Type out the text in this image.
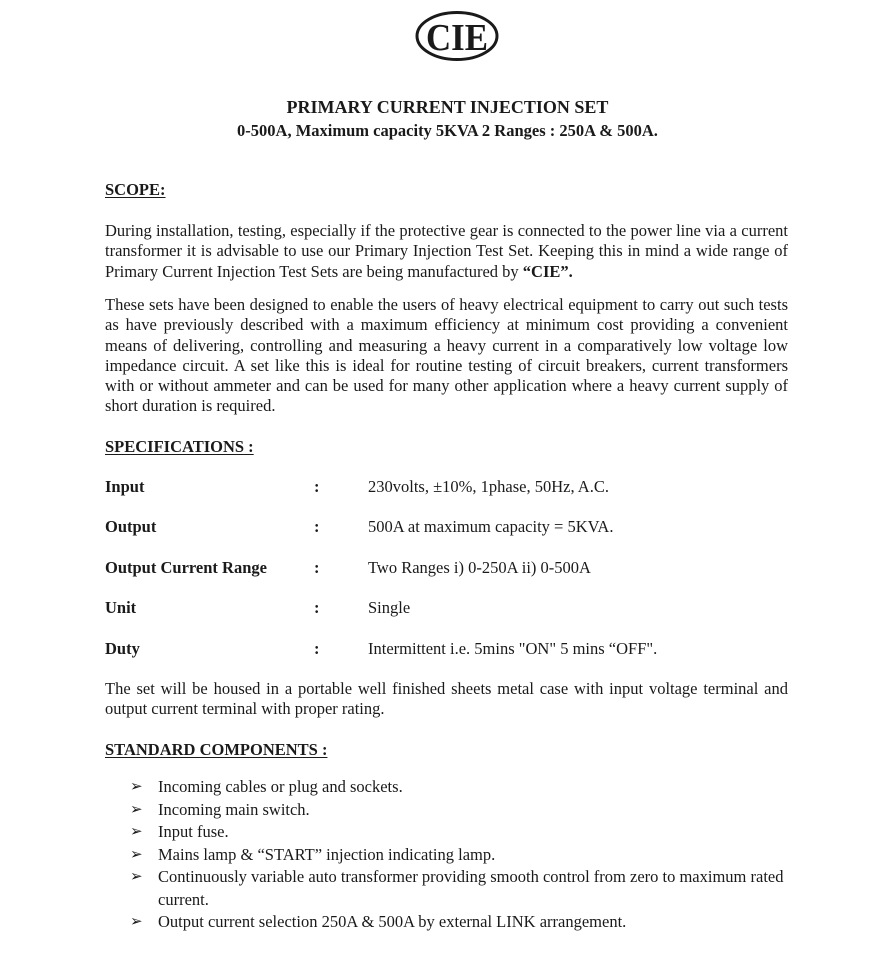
CIE
PRIMARY CURRENT INJECTION SET
0-500A, Maximum capacity 5KVA 2 Ranges : 250A & 500A.
SCOPE:
During installation, testing, especially if the protective gear is connected to the power line via a current transformer it is advisable to use our Primary Injection Test Set. Keeping this in mind a wide range of Primary Current Injection Test Sets are being manufactured by “CIE”.
These sets have been designed to enable the users of heavy electrical equipment to carry out such tests as have previously described with a maximum efficiency at minimum cost providing a convenient means of delivering, controlling and measuring a heavy current in a comparatively low voltage low impedance circuit. A set like this is ideal for routine testing of circuit breakers, current transformers with or without ammeter and can be used for many other application where a heavy current supply of short duration is required.
SPECIFICATIONS :
Input	:	230volts, ±10%, 1phase, 50Hz, A.C.
Output	:	500A at maximum capacity = 5KVA.
Output Current Range	:	Two Ranges i) 0-250A ii) 0-500A
Unit	:	Single
Duty	:	Intermittent i.e. 5mins "ON" 5 mins “OFF".
The set will be housed in a portable well finished sheets metal case with input voltage terminal and output current terminal with proper rating.
STANDARD COMPONENTS :
➢ Incoming cables or plug and sockets.
➢ Incoming main switch.
➢ Input fuse.
➢ Mains lamp & “START” injection indicating lamp.
➢ Continuously variable auto transformer providing smooth control from zero to maximum rated current.
➢ Output current selection 250A & 500A by external LINK arrangement.
